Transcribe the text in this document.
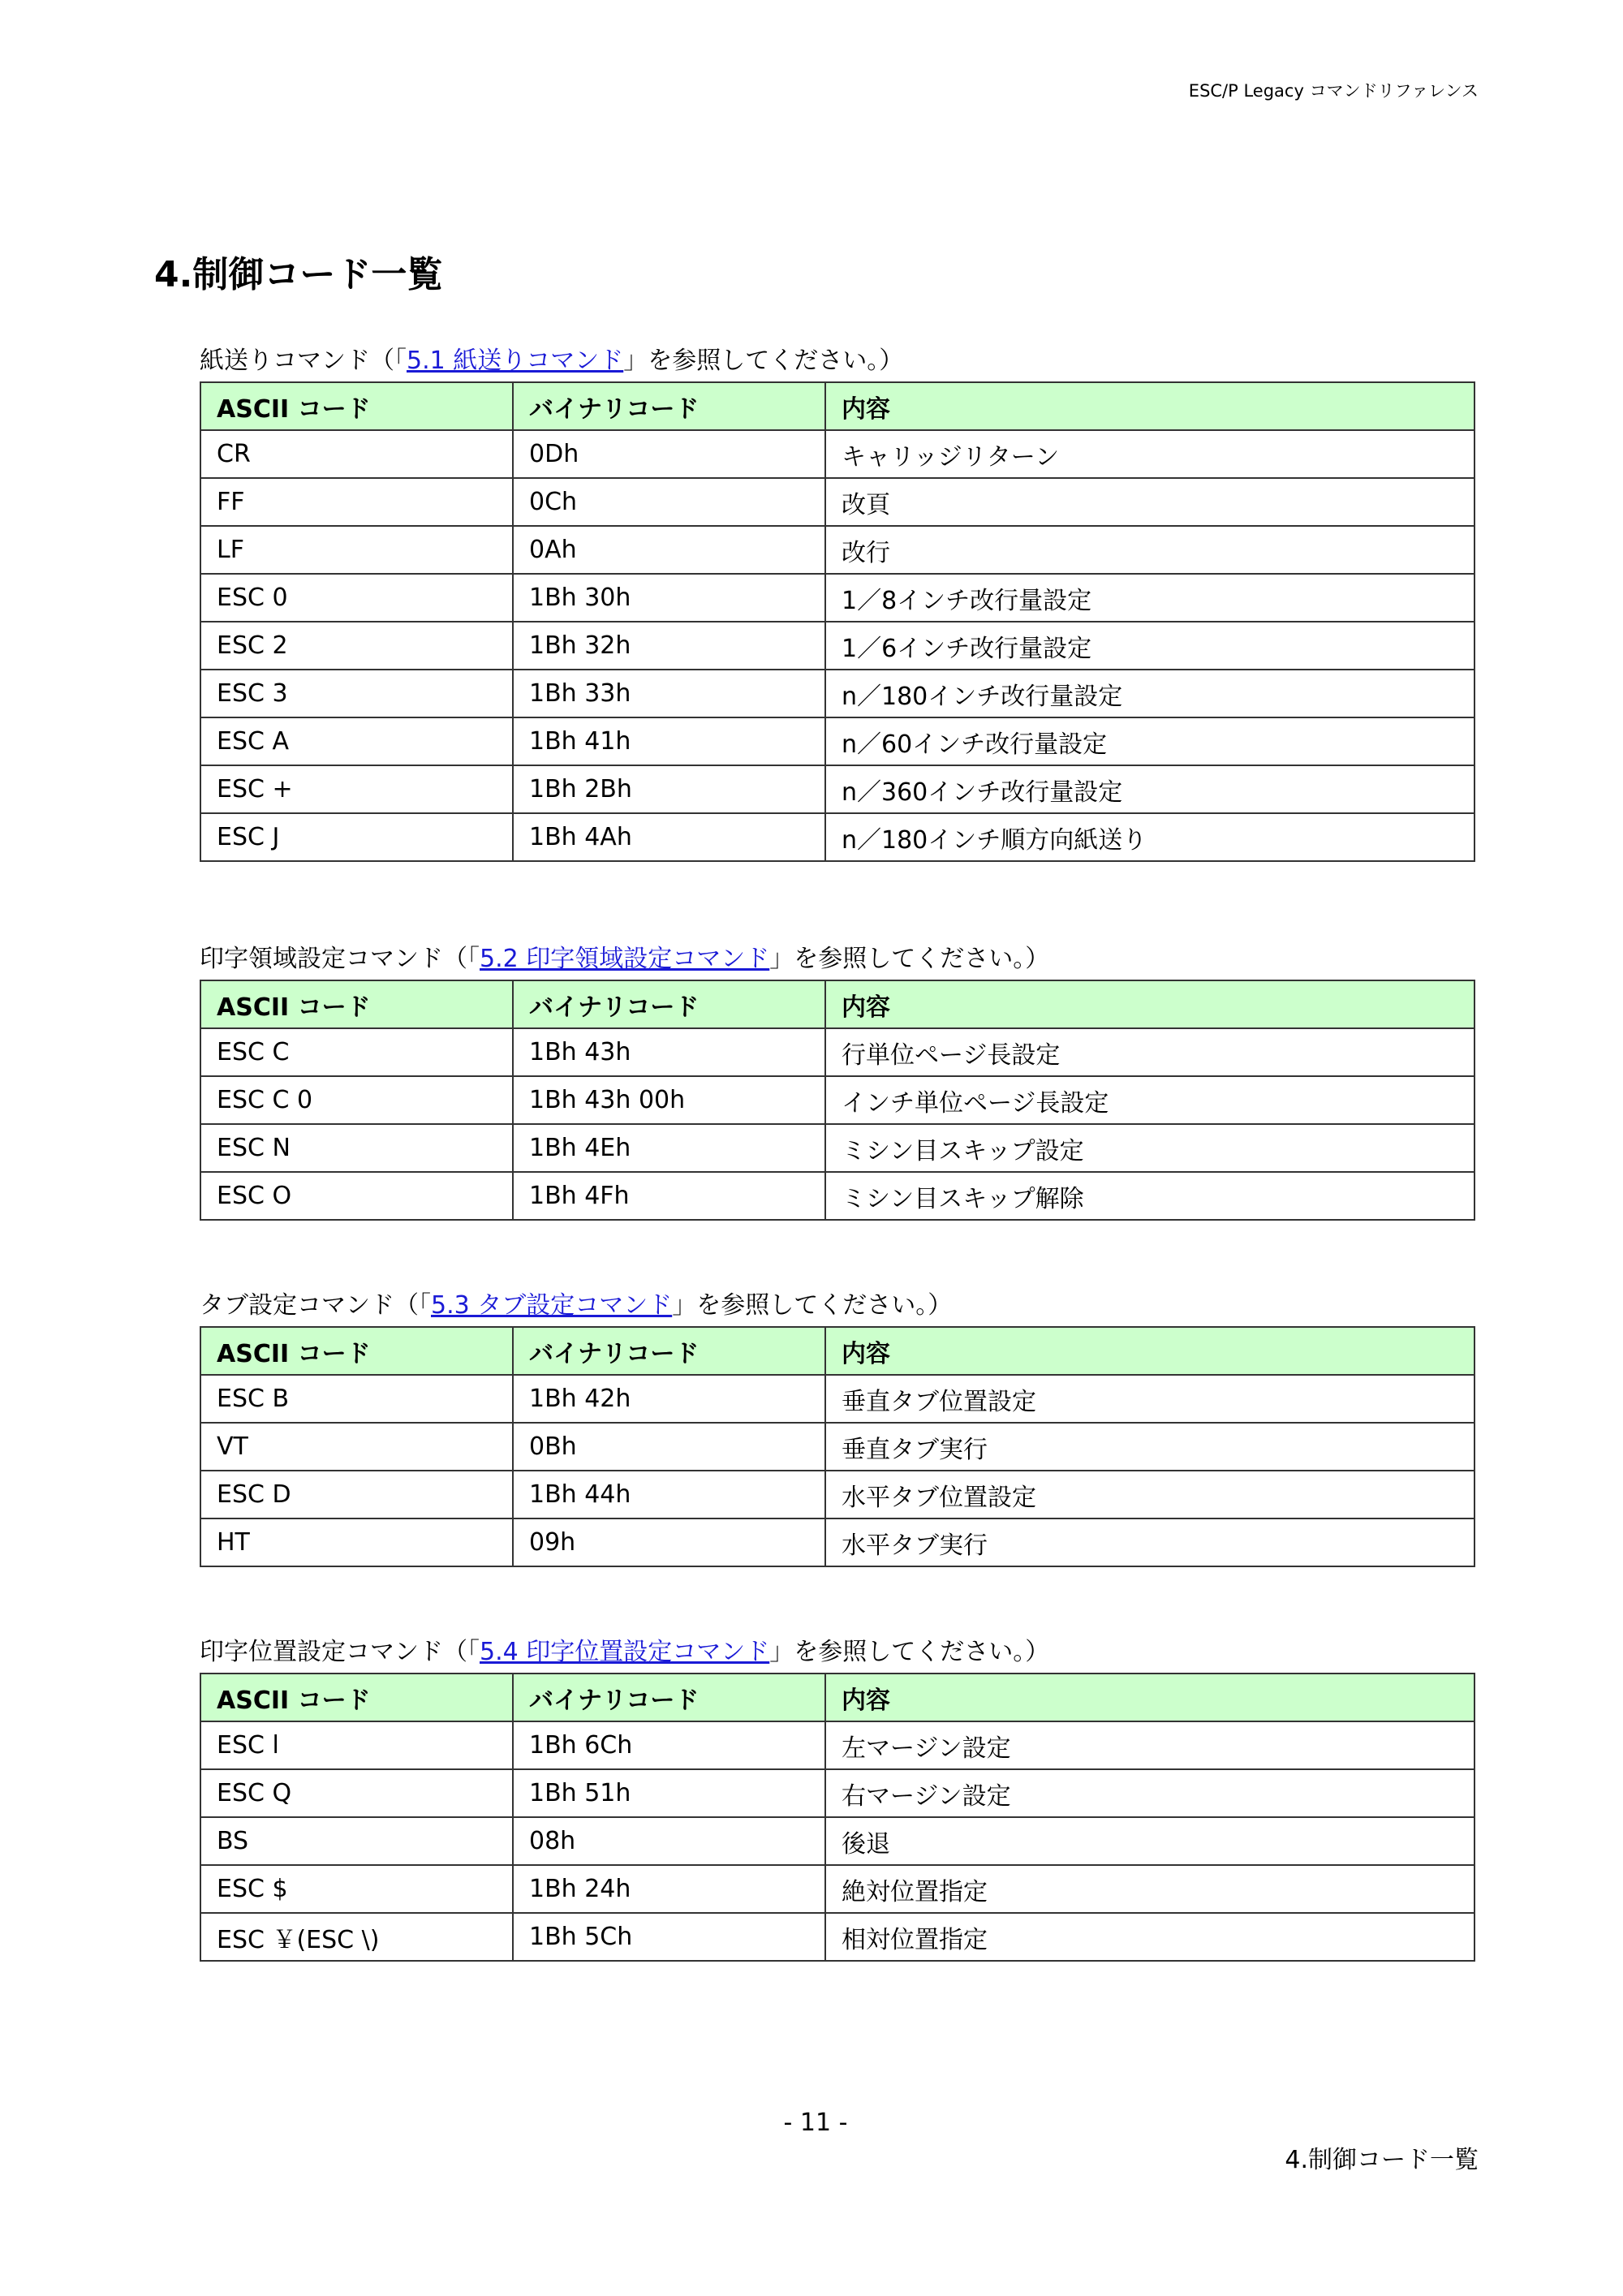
ESC/P Legacy コマンドリファレンス
4.制御コード一覧
紙送りコマンド（「5.1 紙送りコマンド」を参照してください。）
ASCII コード	バイナリコード	内容
CR	0Dh	キャリッジリターン
FF	0Ch	改頁
LF	0Ah	改行
ESC 0	1Bh 30h	1／8インチ改行量設定
ESC 2	1Bh 32h	1／6インチ改行量設定
ESC 3	1Bh 33h	n／180インチ改行量設定
ESC A	1Bh 41h	n／60インチ改行量設定
ESC +	1Bh 2Bh	n／360インチ改行量設定
ESC J	1Bh 4Ah	n／180インチ順方向紙送り
印字領域設定コマンド（「5.2 印字領域設定コマンド」を参照してください。）
ASCII コード	バイナリコード	内容
ESC C	1Bh 43h	行単位ページ長設定
ESC C 0	1Bh 43h 00h	インチ単位ページ長設定
ESC N	1Bh 4Eh	ミシン目スキップ設定
ESC O	1Bh 4Fh	ミシン目スキップ解除
タブ設定コマンド（「5.3 タブ設定コマンド」を参照してください。）
ASCII コード	バイナリコード	内容
ESC B	1Bh 42h	垂直タブ位置設定
VT	0Bh	垂直タブ実行
ESC D	1Bh 44h	水平タブ位置設定
HT	09h	水平タブ実行
印字位置設定コマンド（「5.4 印字位置設定コマンド」を参照してください。）
ASCII コード	バイナリコード	内容
ESC l	1Bh 6Ch	左マージン設定
ESC Q	1Bh 51h	右マージン設定
BS	08h	後退
ESC $	1Bh 24h	絶対位置指定
ESC ￥(ESC \)	1Bh 5Ch	相対位置指定
- 11 -
4.制御コード一覧
